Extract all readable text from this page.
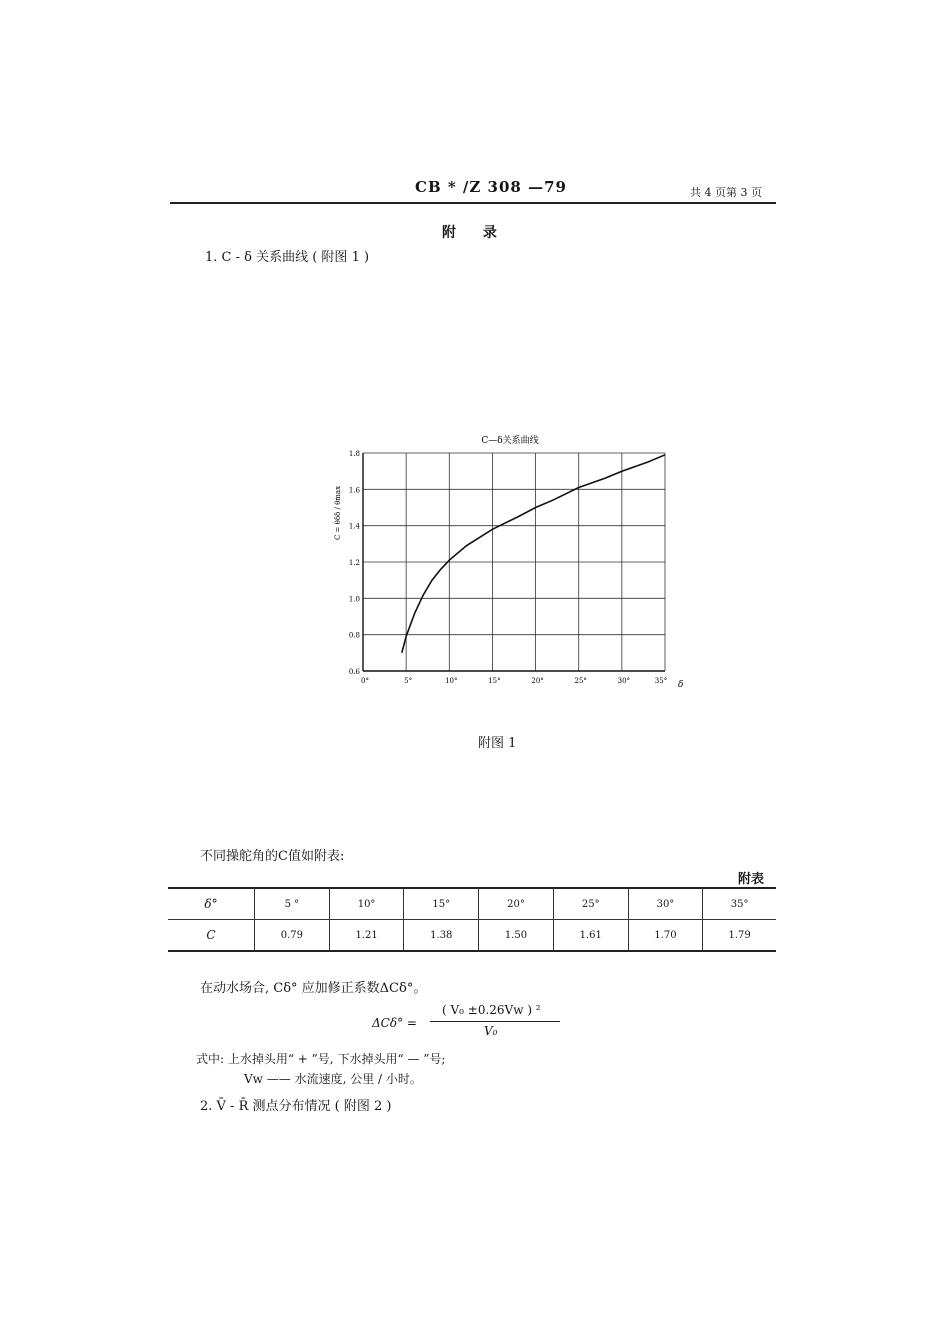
CB * /Z 308 —79	共 4 页第 3 页
附 录
1. C - δ 关系曲线 ( 附图 1 )
0°	5°	10°	15°	20°	25°	30°	35°
0.6
0.8
1.0
1.2
1.4
1.6
1.8
C—δ关系曲线
C = θδδ / θmax
δ
附图 1
不同操舵角的C值如附表:
附表
δ°	5 °	10°	15°	20°	25°	30°	35°
C	0.79	1.21	1.38	1.50	1.61	1.70	1.79
在动水场合, Cδ° 应加修正系数ΔCδ°。
ΔCδ° =
( V₀ ±0.26Vw ) ²
V₀
式中: 上水掉头用“ + ”号, 下水掉头用“ — ”号;
Vw —— 水流速度, 公里 / 小时。
2. V̄ - R̄ 测点分布情况 ( 附图 2 )
